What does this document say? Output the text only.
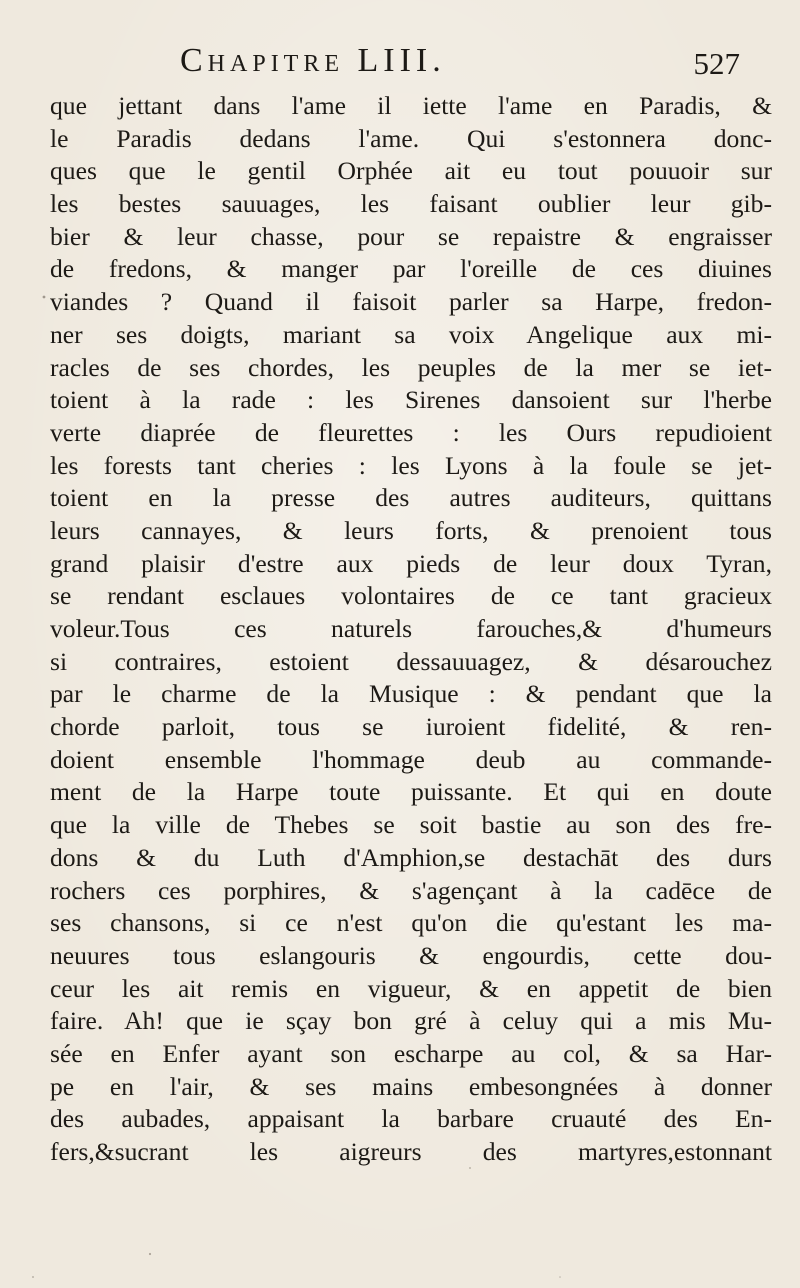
Chapitre LIII.	527
que jettant dans l'ame il iette l'ame en Paradis, &
le Paradis dedans l'ame. Qui s'estonnera donc-
ques que le gentil Orphée ait eu tout pouuoir sur
les bestes sauuages, les faisant oublier leur gib-
bier & leur chasse, pour se repaistre & engraisser
de fredons, & manger par l'oreille de ces diuines
viandes ? Quand il faisoit parler sa Harpe, fredon-
ner ses doigts, mariant sa voix Angelique aux mi-
racles de ses chordes, les peuples de la mer se iet-
toient à la rade : les Sirenes dansoient sur l'herbe
verte diaprée de fleurettes : les Ours repudioient
les forests tant cheries : les Lyons à la foule se jet-
toient en la presse des autres auditeurs, quittans
leurs cannayes, & leurs forts, & prenoient tous
grand plaisir d'estre aux pieds de leur doux Tyran,
se rendant esclaues volontaires de ce tant gracieux
voleur.Tous ces naturels farouches,& d'humeurs
si contraires, estoient dessauuagez, & désarouchez
par le charme de la Musique : & pendant que la
chorde parloit, tous se iuroient fidelité, & ren-
doient ensemble l'hommage deub au commande-
ment de la Harpe toute puissante. Et qui en doute
que la ville de Thebes se soit bastie au son des fre-
dons & du Luth d'Amphion,se destachāt des durs
rochers ces porphires, & s'agençant à la cadēce de
ses chansons, si ce n'est qu'on die qu'estant les ma-
neuures tous eslangouris & engourdis, cette dou-
ceur les ait remis en vigueur, & en appetit de bien
faire. Ah! que ie sçay bon gré à celuy qui a mis Mu-
sée en Enfer ayant son escharpe au col, & sa Har-
pe en l'air, & ses mains embesongnées à donner
des aubades, appaisant la barbare cruauté des En-
fers,&sucrant les aigreurs des martyres,estonnant
